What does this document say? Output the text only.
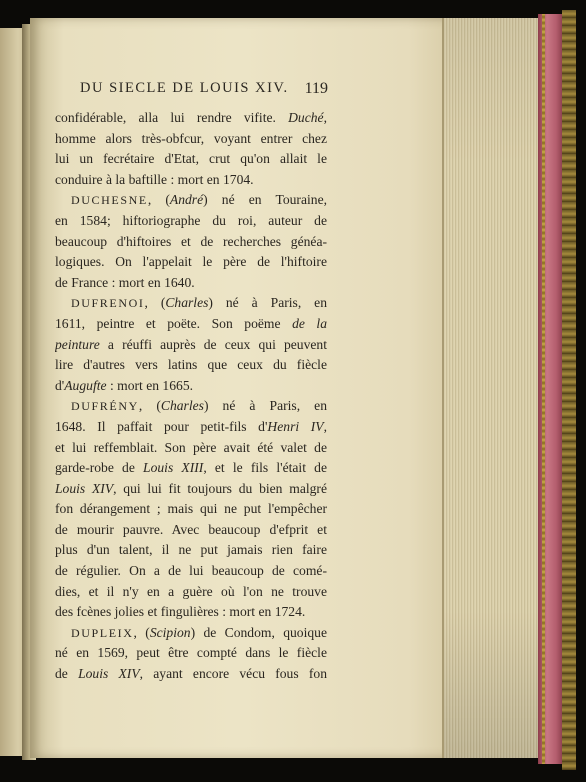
DU SIECLE DE LOUIS XIV. 119
confidérable, alla lui rendre vifite. Duché,
homme alors très-obfcur, voyant entrer chez
lui un fecrétaire d'Etat, crut qu'on allait le
conduire à la baftille : mort en 1704.
DUCHESNE, (André) né en Touraine,
en 1584; hiftoriographe du roi, auteur de
beaucoup d'hiftoires et de recherches généa-
logiques. On l'appelait le père de l'hiftoire
de France : mort en 1640.
DUFRENOI, (Charles) né à Paris, en
1611, peintre et poëte. Son poëme de la
peinture a réuffi auprès de ceux qui peuvent
lire d'autres vers latins que ceux du fiècle
d'Augufte : mort en 1665.
DUFRÉNY, (Charles) né à Paris, en
1648. Il paffait pour petit-fils d'Henri IV,
et lui reffemblait. Son père avait été valet de
garde-robe de Louis XIII, et le fils l'était de
Louis XIV, qui lui fit toujours du bien malgré
fon dérangement ; mais qui ne put l'empêcher
de mourir pauvre. Avec beaucoup d'efprit et
plus d'un talent, il ne put jamais rien faire
de régulier. On a de lui beaucoup de comé-
dies, et il n'y en a guère où l'on ne trouve
des fcènes jolies et fingulières : mort en 1724.
DUPLEIX, (Scipion) de Condom, quoique
né en 1569, peut être compté dans le fiècle
de Louis XIV, ayant encore vécu fous fon
